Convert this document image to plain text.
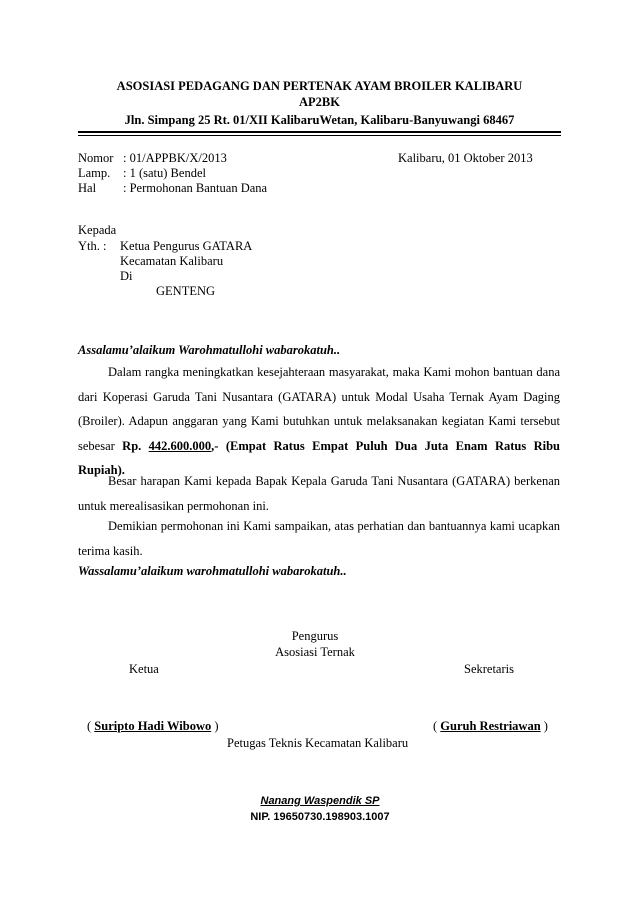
ASOSIASI PEDAGANG DAN PERTENAK AYAM BROILER KALIBARU
AP2BK
Jln. Simpang 25 Rt. 01/XII KalibaruWetan, Kalibaru-Banyuwangi 68467
Nomor : 01/APPBK/X/2013	Kalibaru, 01 Oktober 2013
Lamp. : 1 (satu) Bendel
Hal : Permohonan Bantuan Dana
Kepada
Yth. : Ketua Pengurus GATARA
Kecamatan Kalibaru
Di
GENTENG
Assalamu’alaikum Warohmatullohi wabarokatuh..
Dalam rangka meningkatkan kesejahteraan masyarakat, maka Kami mohon bantuan dana dari Koperasi Garuda Tani Nusantara (GATARA) untuk Modal Usaha Ternak Ayam Daging (Broiler). Adapun anggaran yang Kami butuhkan untuk melaksanakan kegiatan Kami tersebut sebesar Rp. 442.600.000,- (Empat Ratus Empat Puluh Dua Juta Enam Ratus Ribu Rupiah).
Besar harapan Kami kepada Bapak Kepala Garuda Tani Nusantara (GATARA) berkenan untuk merealisasikan permohonan ini.
Demikian permohonan ini Kami sampaikan, atas perhatian dan bantuannya kami ucapkan terima kasih.
Wassalamu’alaikum warohmatullohi wabarokatuh..
Pengurus
Asosiasi Ternak
Ketua	Sekretaris
( Suripto Hadi Wibowo )	( Guruh Restriawan )
Petugas Teknis Kecamatan Kalibaru
Nanang Waspendik SP
NIP. 19650730.198903.1007
